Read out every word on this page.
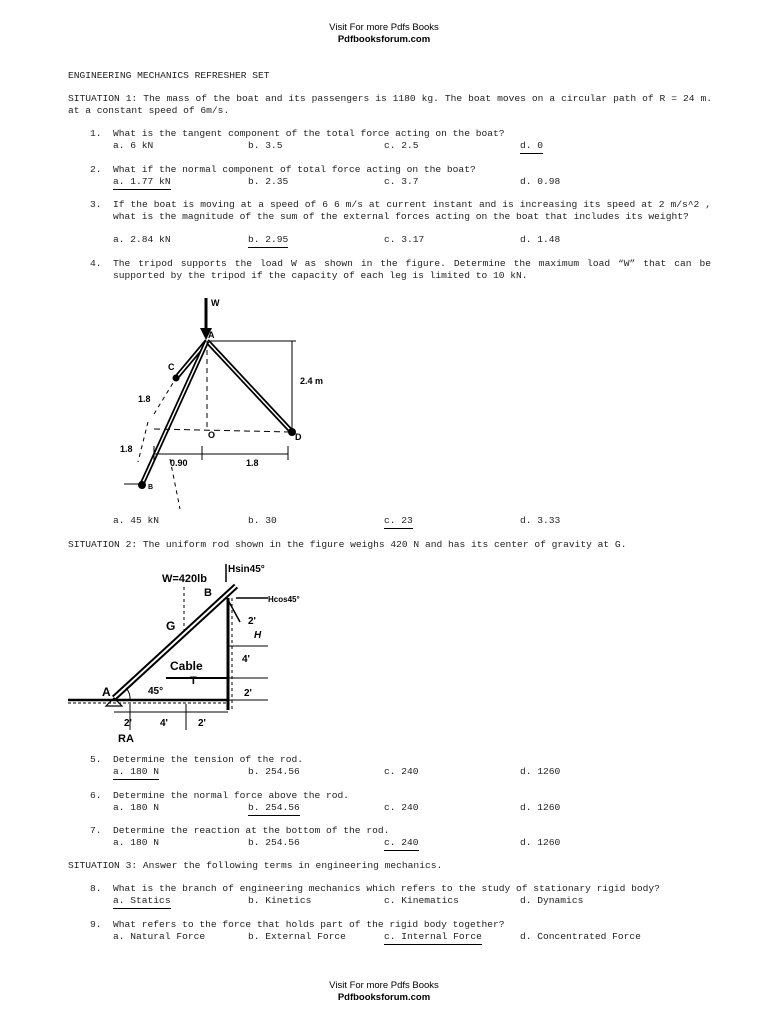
Visit For more Pdfs Books
Pdfbooksforum.com
ENGINEERING MECHANICS REFRESHER SET
SITUATION 1: The mass of the boat and its passengers is 1180 kg. The boat moves on a circular path of R = 24 m. at a constant speed of 6m/s.
1. What is the tangent component of the total force acting on the boat?
a. 6 kN	b. 3.5	c. 2.5	d. 0
2. What if the normal component of total force acting on the boat?
a. 1.77 kN	b. 2.35	c. 3.7	d. 0.98
3. If the boat is moving at a speed of 6 6 m/s at current instant and is increasing its speed at 2 m/s^2 , what is the magnitude of the sum of the external forces acting on the boat that includes its weight?
a. 2.84 kN	b. 2.95	c. 3.17	d. 1.48
4. The tripod supports the load W as shown in the figure. Determine the maximum load “W” that can be supported by the tripod if the capacity of each leg is limited to 10 kN.
W
A
C
D
B
O
2.4 m
1.8
1.8
0.90	1.8
a. 45 kN	b. 30	c. 23	d. 3.33
SITUATION 2: The uniform rod shown in the figure weighs 420 N and has its center of gravity at G.
W=420lb
Hsin45°
Hcos45°
B
G
H
Cable
T
45°
A
RA
2'	4'	2'
2'
4'
2'
5. Determine the tension of the rod.
a. 180 N	b. 254.56	c. 240	d. 1260
6. Determine the normal force above the rod.
a. 180 N	b. 254.56	c. 240	d. 1260
7. Determine the reaction at the bottom of the rod.
a. 180 N	b. 254.56	c. 240	d. 1260
SITUATION 3: Answer the following terms in engineering mechanics.
8. What is the branch of engineering mechanics which refers to the study of stationary rigid body?
a. Statics	b. Kinetics	c. Kinematics	d. Dynamics
9. What refers to the force that holds part of the rigid body together?
a. Natural Force	b. External Force	c. Internal Force	d. Concentrated Force
Visit For more Pdfs Books
Pdfbooksforum.com
